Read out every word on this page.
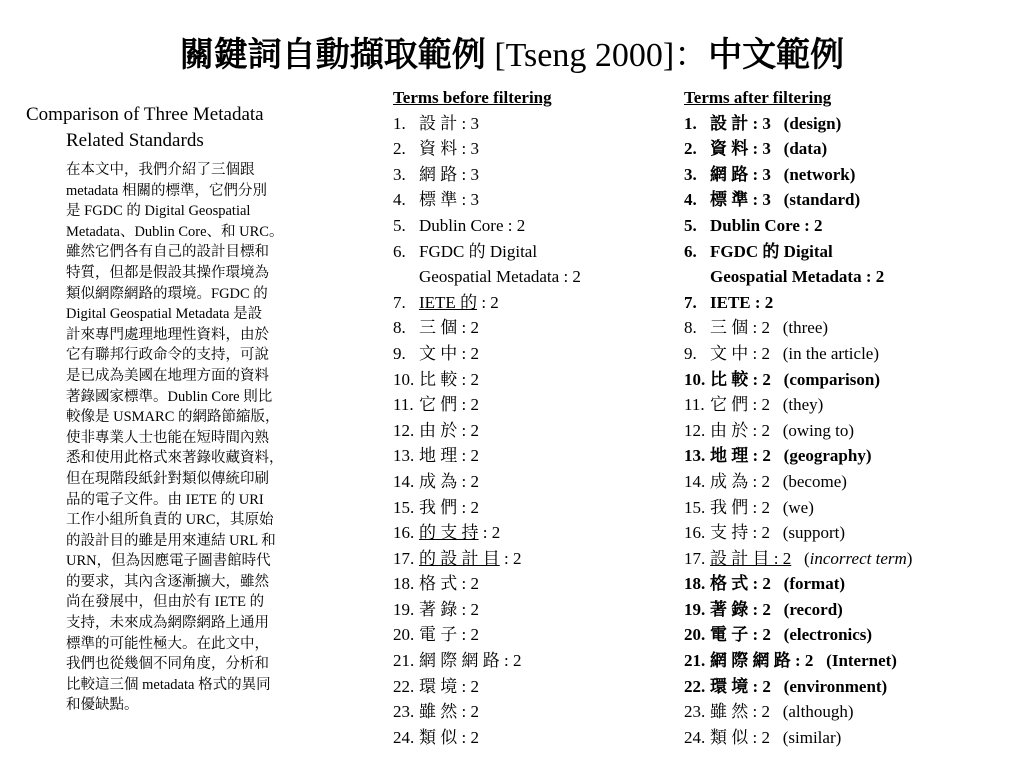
關鍵詞自動擷取範例 [Tseng 2000]：中文範例

Comparison of Three Metadata
Related Standards

在本文中，我們介紹了三個跟
metadata 相關的標準，它們分別
是 FGDC 的 Digital Geospatial
Metadata、Dublin Core、和 URC。
雖然它們各有自己的設計目標和
特質，但都是假設其操作環境為
類似網際網路的環境。FGDC 的
Digital Geospatial Metadata 是設
計來專門處理地理性資料，由於
它有聯邦行政命令的支持，可說
是已成為美國在地理方面的資料
著錄國家標準。Dublin Core 則比
較像是 USMARC 的網路節縮版，
使非專業人士也能在短時間內熟
悉和使用此格式來著錄收藏資料，
但在現階段紙針對類似傳統印刷
品的電子文件。由 IETE 的 URI
工作小組所負責的 URC，其原始
的設計目的雖是用來連結 URL 和
URN，但為因應電子圖書館時代
的要求，其內含逐漸擴大，雖然
尚在發展中，但由於有 IETE 的
支持，未來成為網際網路上通用
標準的可能性極大。在此文中，
我們也從幾個不同角度，分析和
比較這三個 metadata 格式的異同
和優缺點。
Terms before filtering
1. 設 計 : 3
2. 資 料 : 3
3. 網 路 : 3
4. 標 準 : 3
5. Dublin Core : 2
6. FGDC 的 Digital
Geospatial Metadata : 2
7. IETE 的 : 2
8. 三 個 : 2
9. 文 中 : 2
10. 比 較 : 2
11. 它 們 : 2
12. 由 於 : 2
13. 地 理 : 2
14. 成 為 : 2
15. 我 們 : 2
16. 的 支 持 : 2
17. 的 設 計 目 : 2
18. 格 式 : 2
19. 著 錄 : 2
20. 電 子 : 2
21. 網 際 網 路 : 2
22. 環 境 : 2
23. 雖 然 : 2
24. 類 似 : 2
Terms after filtering
1. 設 計 : 3   (design)
2. 資 料 : 3   (data)
3. 網 路 : 3   (network)
4. 標 準 : 3   (standard)
5. Dublin Core : 2
6. FGDC 的 Digital
Geospatial Metadata : 2
7. IETE : 2
8. 三 個 : 2   (three)
9. 文 中 : 2   (in the article)
10. 比 較 : 2   (comparison)
11. 它 們 : 2   (they)
12. 由 於 : 2   (owing to)
13. 地 理 : 2   (geography)
14. 成 為 : 2   (become)
15. 我 們 : 2   (we)
16. 支 持 : 2   (support)
17. 設 計 目 : 2   (incorrect term)
18. 格 式 : 2   (format)
19. 著 錄 : 2   (record)
20. 電 子 : 2   (electronics)
21. 網 際 網 路 : 2   (Internet)
22. 環 境 : 2   (environment)
23. 雖 然 : 2   (although)
24. 類 似 : 2   (similar)
